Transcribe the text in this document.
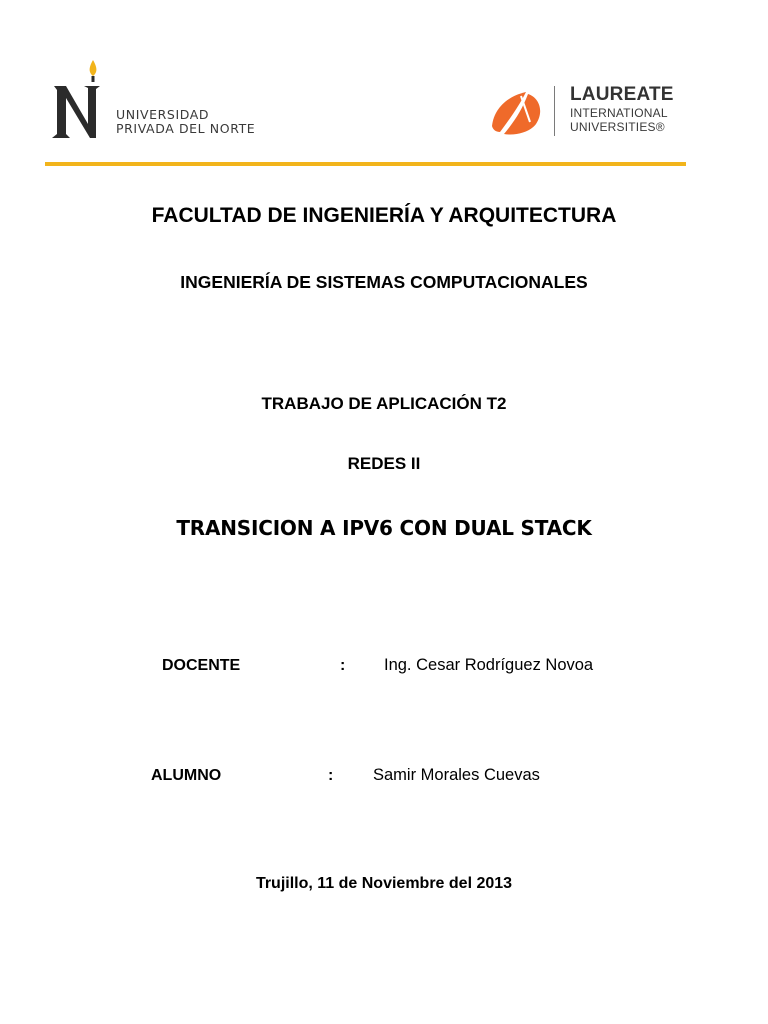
UNIVERSIDAD
PRIVADA DEL NORTE
LAUREATE
INTERNATIONAL
UNIVERSITIES®
FACULTAD DE INGENIERÍA Y ARQUITECTURA
INGENIERÍA DE SISTEMAS COMPUTACIONALES
TRABAJO DE APLICACIÓN T2
REDES II
TRANSICION A IPV6 CON DUAL STACK
DOCENTE	: Ing. Cesar Rodríguez Novoa
ALUMNO	: Samir Morales Cuevas
Trujillo, 11 de Noviembre del 2013
